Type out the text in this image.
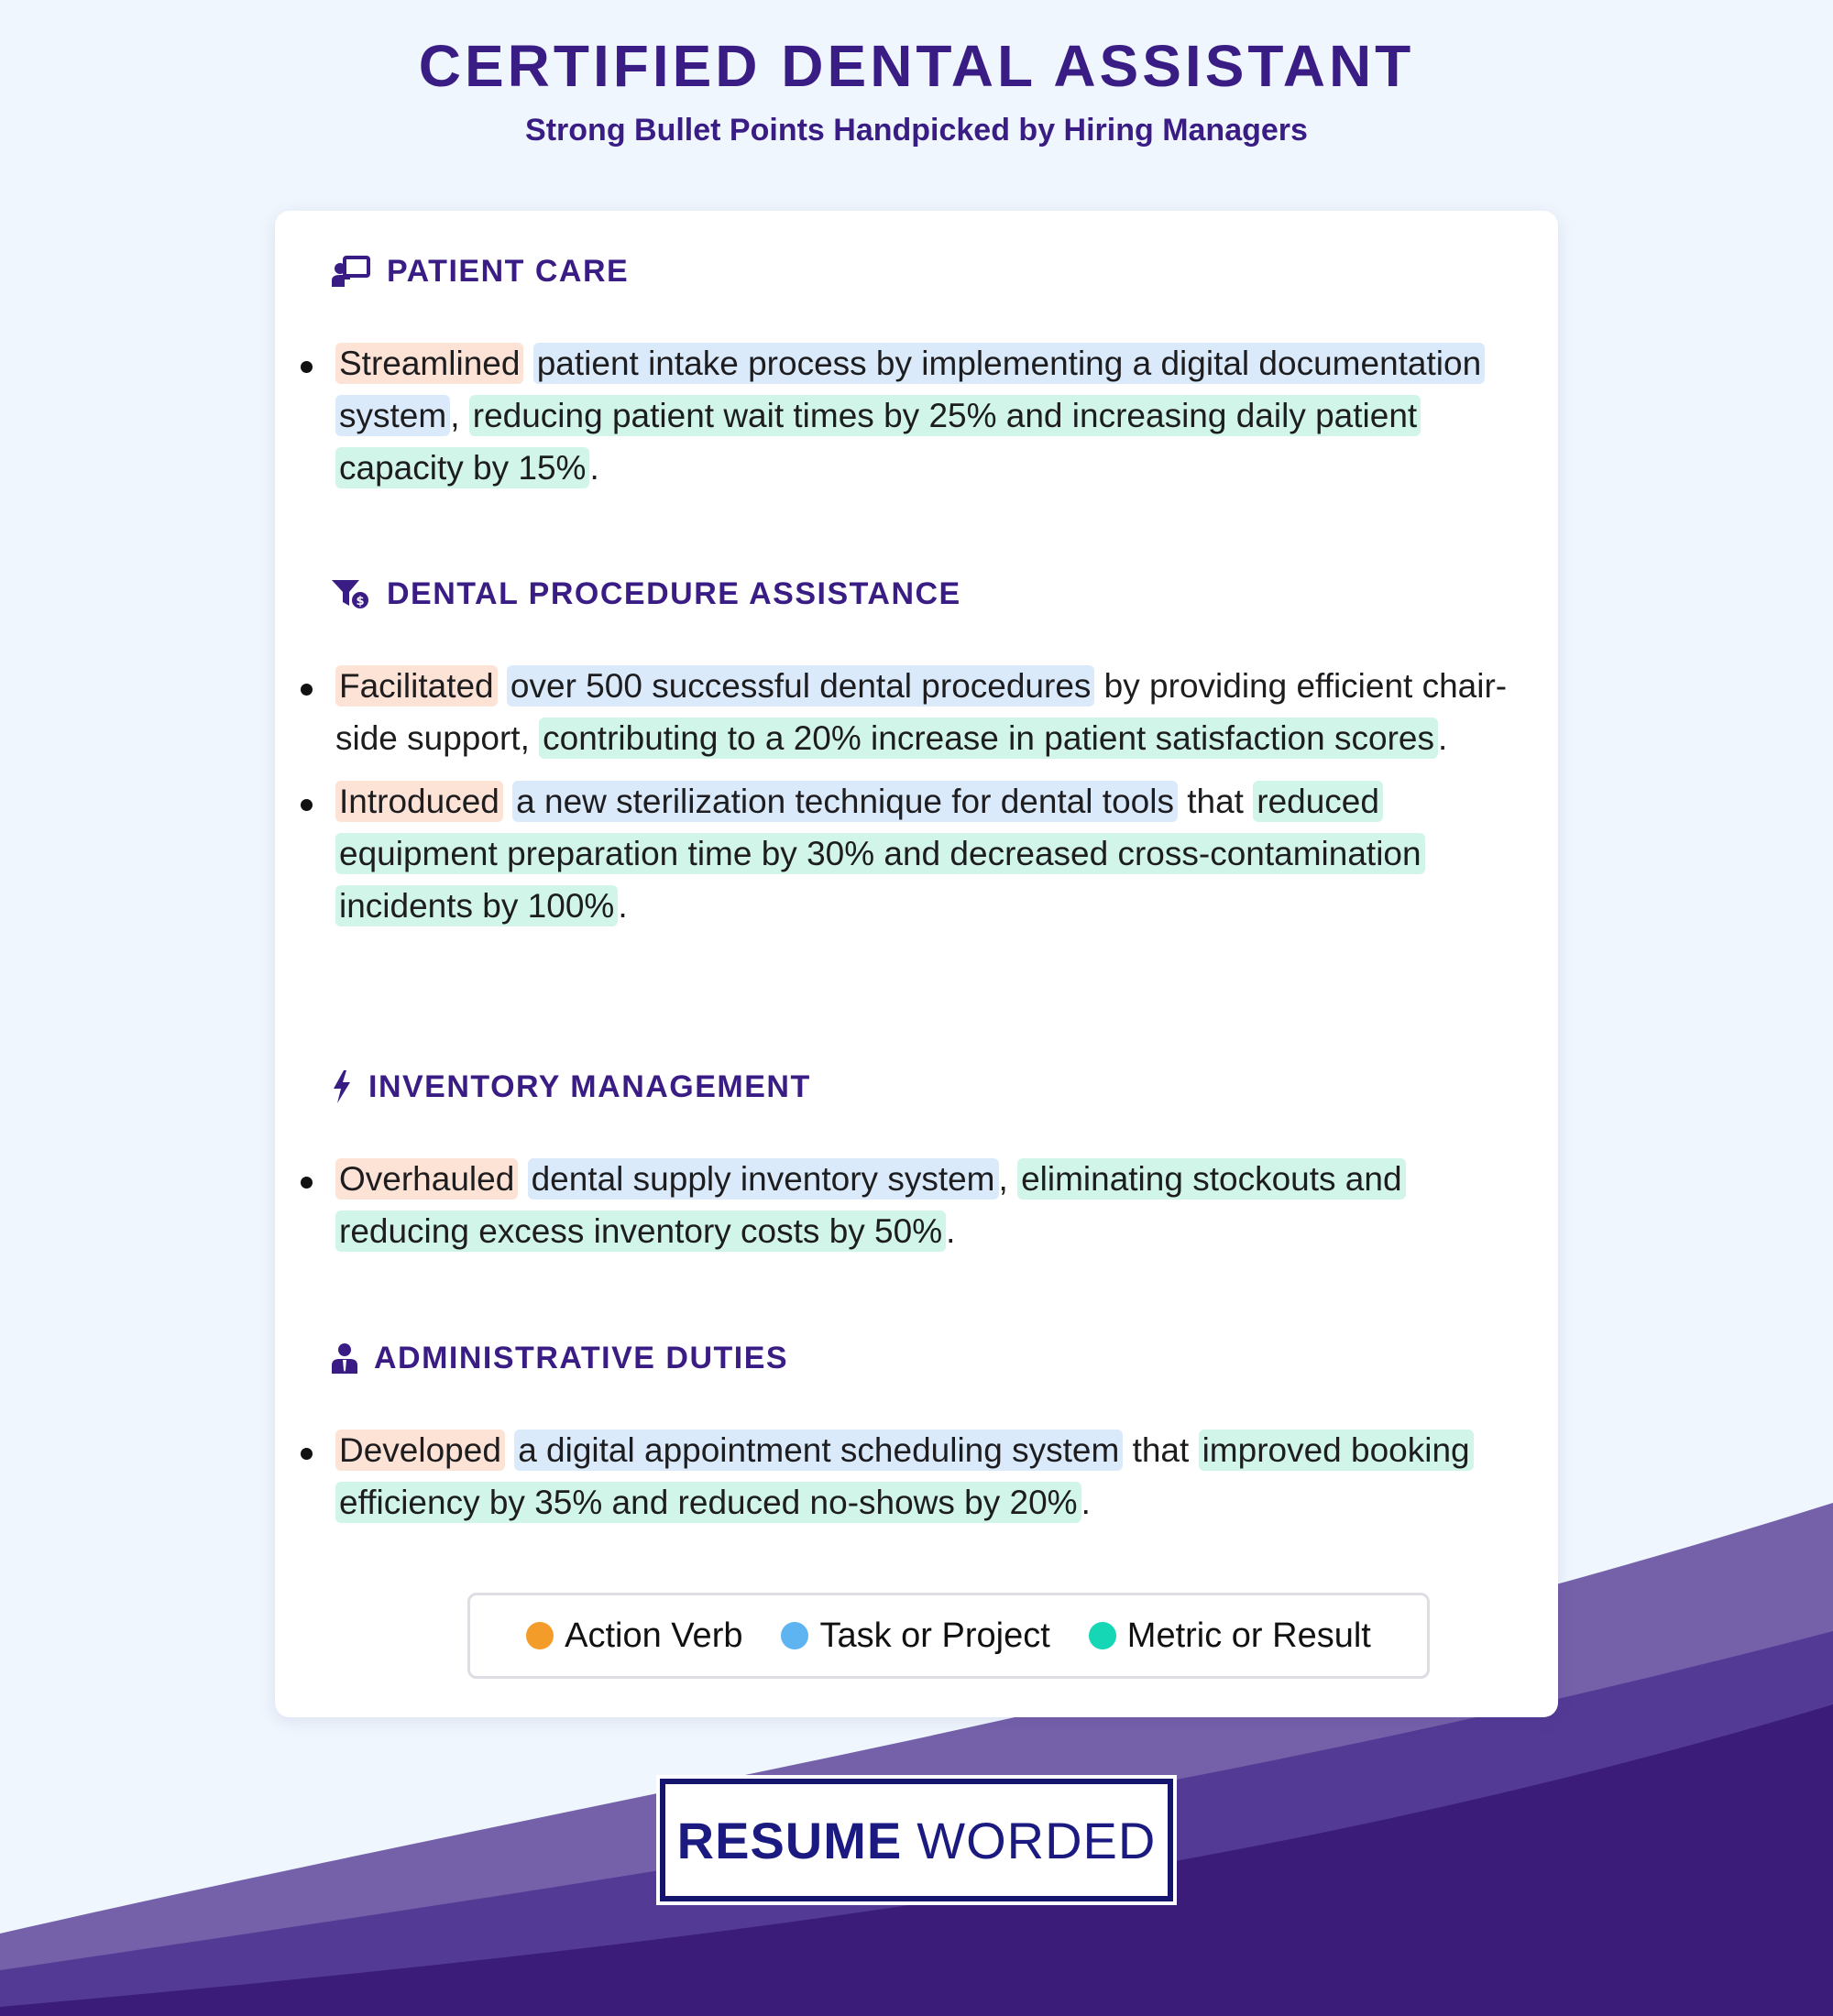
CERTIFIED DENTAL ASSISTANT
Strong Bullet Points Handpicked by Hiring Managers
PATIENT CARE
Streamlined patient intake process by implementing a digital documentation system , reducing patient wait times by 25% and increasing daily patient capacity by 15% .
$ DENTAL PROCEDURE ASSISTANCE
Facilitated over 500 successful dental procedures by providing efficient chair-side support, contributing to a 20% increase in patient satisfaction scores .
Introduced a new sterilization technique for dental tools that reduced equipment preparation time by 30% and decreased cross-contamination incidents by 100% .
INVENTORY MANAGEMENT
Overhauled dental supply inventory system , eliminating stockouts and reducing excess inventory costs by 50% .
ADMINISTRATIVE DUTIES
Developed a digital appointment scheduling system that improved booking efficiency by 35% and reduced no-shows by 20% .
Action Verb Task or Project Metric or Result
RESUME WORDED
